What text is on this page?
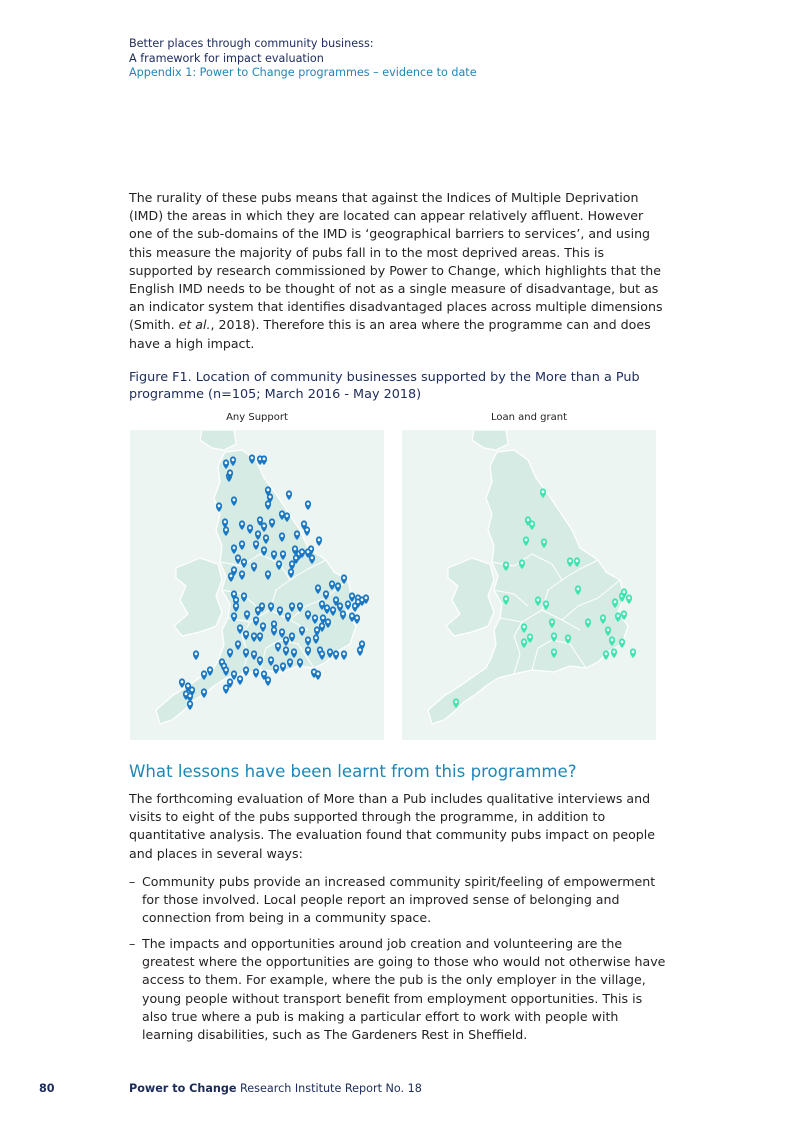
Better places through community business:
A framework for impact evaluation
Appendix 1: Power to Change programmes – evidence to date

The rurality of these pubs means that against the Indices of Multiple Deprivation (IMD) the areas in which they are located can appear relatively affluent. However one of the sub-domains of the IMD is ‘geographical barriers to services’, and using this measure the majority of pubs fall in to the most deprived areas. This is supported by research commissioned by Power to Change, which highlights that the English IMD needs to be thought of not as a single measure of disadvantage, but as an indicator system that identifies disadvantaged places across multiple dimensions (Smith. et al., 2018). Therefore this is an area where the programme can and does have a high impact.

Figure F1. Location of community businesses supported by the More than a Pub
programme (n=105; March 2016 - May 2018)
Any Support	Loan and grant
What lessons have been learnt from this programme?

The forthcoming evaluation of More than a Pub includes qualitative interviews and visits to eight of the pubs supported through the programme, in addition to quantitative analysis. The evaluation found that community pubs impact on people and places in several ways:

– Community pubs provide an increased community spirit/feeling of empowerment for those involved. Local people report an improved sense of belonging and connection from being in a community space.
– The impacts and opportunities around job creation and volunteering are the greatest where the opportunities are going to those who would not otherwise have access to them. For example, where the pub is the only employer in the village, young people without transport benefit from employment opportunities. This is also true where a pub is making a particular effort to work with people with learning disabilities, such as The Gardeners Rest in Sheffield.
80	Power to Change Research Institute Report No. 18
